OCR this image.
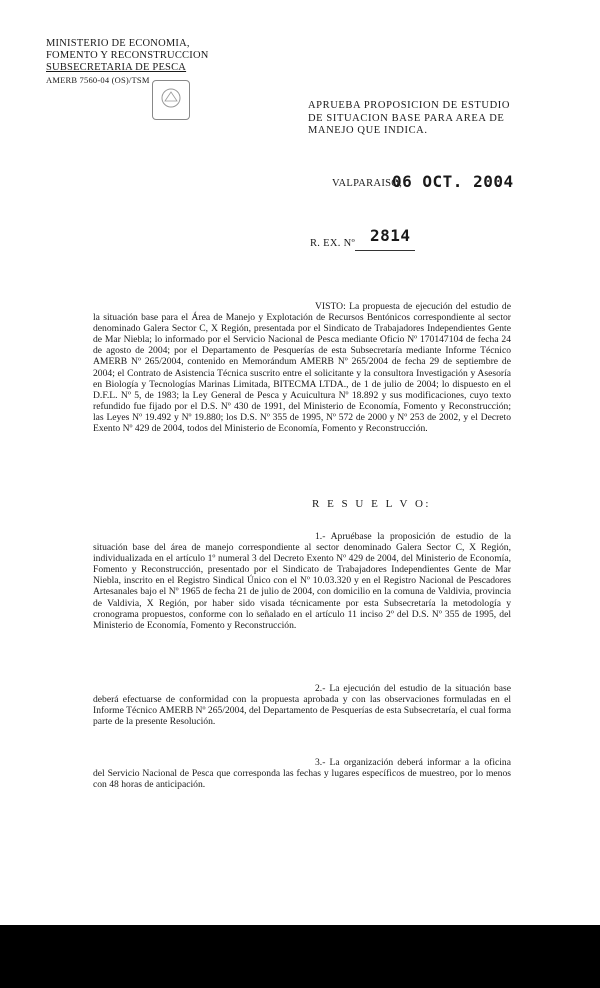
MINISTERIO DE ECONOMIA,
FOMENTO Y RECONSTRUCCION
SUBSECRETARIA DE PESCA
AMERB 7560-04 (OS)/TSM
APRUEBA PROPOSICION DE ESTUDIO DE SITUACION BASE PARA AREA DE MANEJO QUE INDICA.
VALPARAISO,
06 OCT. 2004
R. EX. Nº 2814

VISTO: La propuesta de ejecución del estudio de la situación base para el Área de Manejo y Explotación de Recursos Bentónicos correspondiente al sector denominado Galera Sector C, X Región, presentada por el Sindicato de Trabajadores Independientes Gente de Mar Niebla; lo informado por el Servicio Nacional de Pesca mediante Oficio Nº 170147104 de fecha 24 de agosto de 2004; por el Departamento de Pesquerías de esta Subsecretaría mediante Informe Técnico AMERB Nº 265/2004, contenido en Memorándum AMERB Nº 265/2004 de fecha 29 de septiembre de 2004; el Contrato de Asistencia Técnica suscrito entre el solicitante y la consultora Investigación y Asesoría en Biología y Tecnologías Marinas Limitada, BITECMA LTDA., de 1 de julio de 2004; lo dispuesto en el D.F.L. Nº 5, de 1983; la Ley General de Pesca y Acuicultura Nº 18.892 y sus modificaciones, cuyo texto refundido fue fijado por el D.S. Nº 430 de 1991, del Ministerio de Economía, Fomento y Reconstrucción; las Leyes Nº 19.492 y Nº 19.880; los D.S. Nº 355 de 1995, Nº 572 de 2000 y Nº 253 de 2002, y el Decreto Exento Nº 429 de 2004, todos del Ministerio de Economía, Fomento y Reconstrucción.

R E S U E L V O:

1.- Apruébase la proposición de estudio de la situación base del área de manejo correspondiente al sector denominado Galera Sector C, X Región, individualizada en el artículo 1º numeral 3 del Decreto Exento Nº 429 de 2004, del Ministerio de Economía, Fomento y Reconstrucción, presentado por el Sindicato de Trabajadores Independientes Gente de Mar Niebla, inscrito en el Registro Sindical Único con el Nº 10.03.320 y en el Registro Nacional de Pescadores Artesanales bajo el Nº 1965 de fecha 21 de julio de 2004, con domicilio en la comuna de Valdivia, provincia de Valdivia, X Región, por haber sido visada técnicamente por esta Subsecretaría la metodología y cronograma propuestos, conforme con lo señalado en el artículo 11 inciso 2º del D.S. Nº 355 de 1995, del Ministerio de Economía, Fomento y Reconstrucción.

2.- La ejecución del estudio de la situación base deberá efectuarse de conformidad con la propuesta aprobada y con las observaciones formuladas en el Informe Técnico AMERB Nº 265/2004, del Departamento de Pesquerías de esta Subsecretaría, el cual forma parte de la presente Resolución.

3.- La organización deberá informar a la oficina del Servicio Nacional de Pesca que corresponda las fechas y lugares específicos de muestreo, por lo menos con 48 horas de anticipación.
